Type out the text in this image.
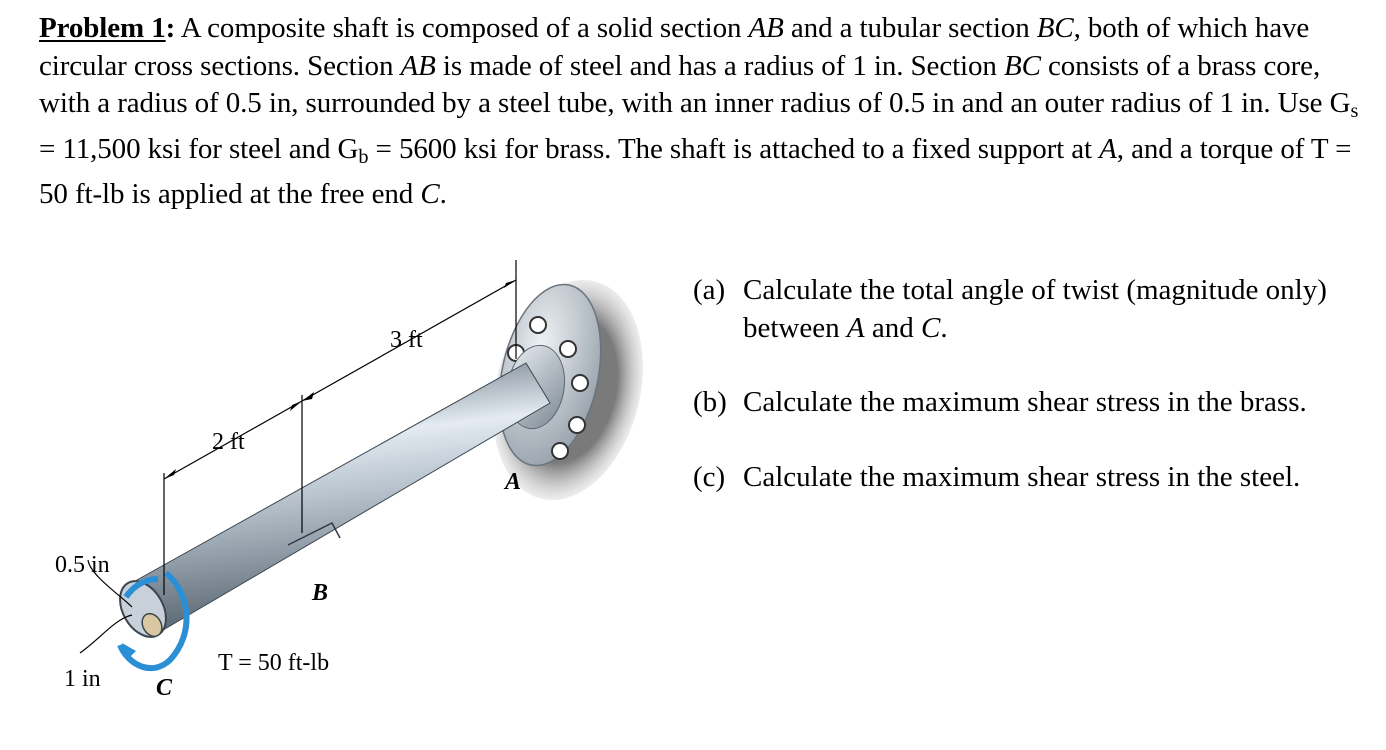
Problem 1: A composite shaft is composed of a solid section AB and a tubular section BC, both of which have circular cross sections. Section AB is made of steel and has a radius of 1 in. Section BC consists of a brass core, with a radius of 0.5 in, surrounded by a steel tube, with an inner radius of 0.5 in and an outer radius of 1 in. Use $G_s = 11,500$ ksi for steel and $G_b = 5600$ ksi for brass. The shaft is attached to a fixed support at A, and a torque of T = 50 ft-lb is applied at the free end C.
3 ft
2 ft
0.5 in
1 in
A
B
C
T = 50 ft-lb
(a) Calculate the total angle of twist (magnitude only) between A and C.
(b) Calculate the maximum shear stress in the brass.
(c) Calculate the maximum shear stress in the steel.
